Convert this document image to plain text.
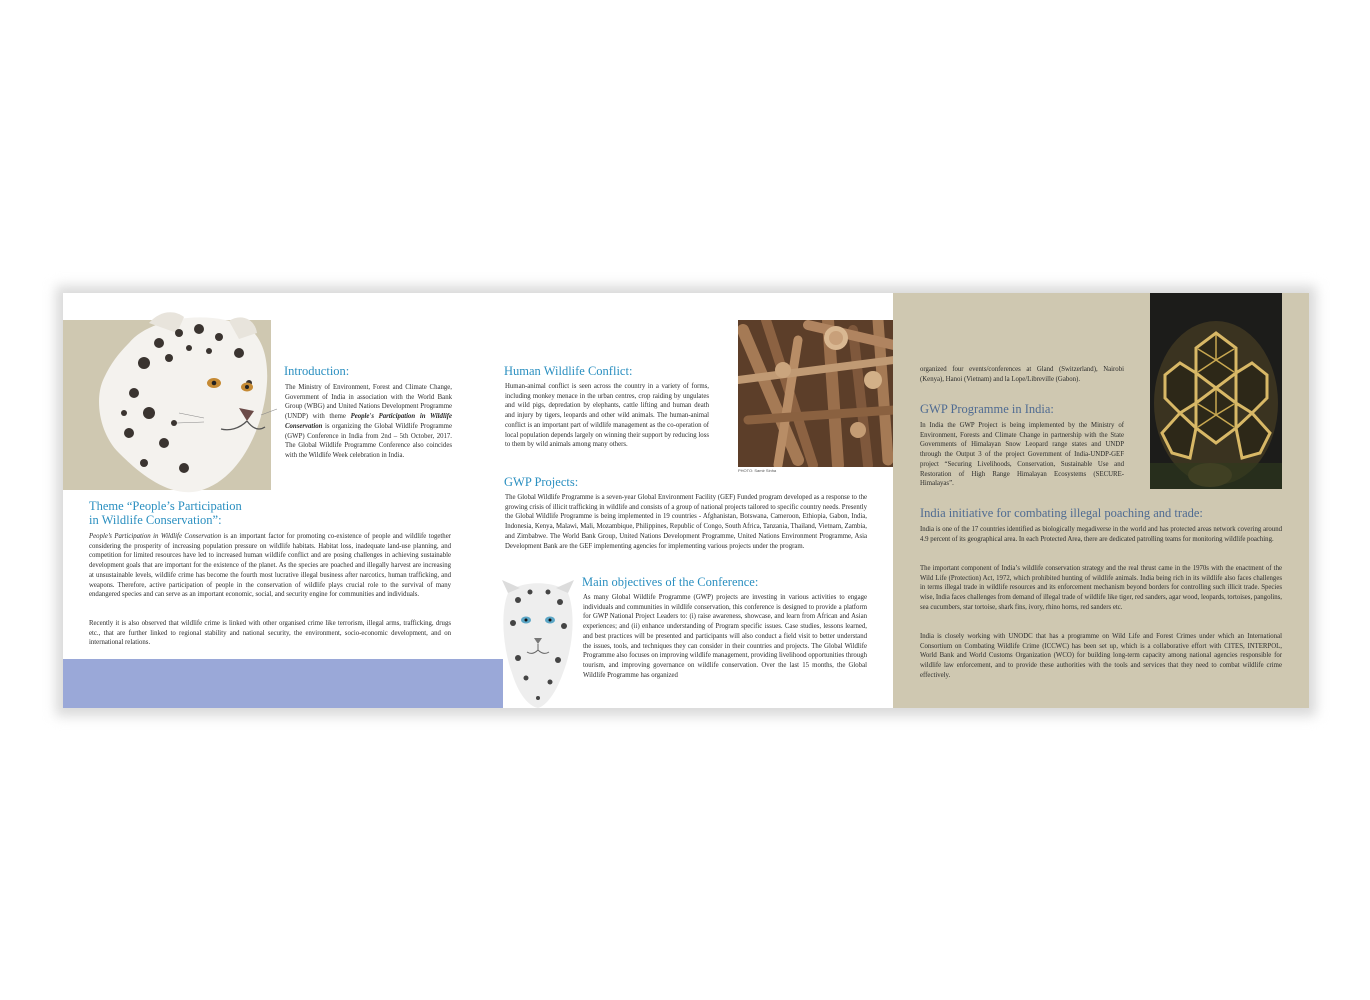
Introduction:

The Ministry of Environment, Forest and Climate Change, Government of India in association with the World Bank Group (WBG) and United Nations Development Programme (UNDP) with theme People's Participation in Wildlife Conservation is organizing the Global Wildlife Programme (GWP) Conference in India from 2nd – 5th October, 2017. The Global Wildlife Programme Conference also coincides with the Wildlife Week celebration in India.

Theme “People’s Participation
in Wildlife Conservation”:

People’s Participation in Wildlife Conservation is an important factor for promoting co-existence of people and wildlife together considering the prosperity of increasing population pressure on wildlife habitats. Habitat loss, inadequate land-use planning, and competition for limited resources have led to increased human wildlife conflict and are posing challenges in achieving sustainable development goals that are important for the existence of the planet. As the species are poached and illegally harvest are increasing at unsustainable levels, wildlife crime has become the fourth most lucrative illegal business after narcotics, human trafficking, and weapons. Therefore, active participation of people in the conservation of wildlife plays crucial role to the survival of many endangered species and can serve as an important economic, social, and security engine for communities and individuals.

Recently it is also observed that wildlife crime is linked with other organised crime like terrorism, illegal arms, trafficking, drugs etc., that are further linked to regional stability and national security, the environment, socio-economic development, and on international relations.

Human Wildlife Conflict:

Human-animal conflict is seen across the country in a variety of forms, including monkey menace in the urban centres, crop raiding by ungulates and wild pigs, depredation by elephants, cattle lifting and human death and injury by tigers, leopards and other wild animals. The human-animal conflict is an important part of wildlife management as the co-operation of local population depends largely on winning their support by reducing loss to them by wild animals among many others.

PHOTO: Samir Sinha
GWP Projects:

The Global Wildlife Programme is a seven-year Global Environment Facility (GEF) Funded program developed as a response to the growing crisis of illicit trafficking in wildlife and consists of a group of national projects tailored to specific country needs. Presently the Global Wildlife Programme is being implemented in 19 countries - Afghanistan, Botswana, Cameroon, Ethiopia, Gabon, India, Indonesia, Kenya, Malawi, Mali, Mozambique, Philippines, Republic of Congo, South Africa, Tanzania, Thailand, Vietnam, Zambia, and Zimbabwe. The World Bank Group, United Nations Development Programme, United Nations Environment Programme, Asia Development Bank are the GEF implementing agencies for implementing various projects under the program.

Main objectives of the Conference:

As many Global Wildlife Programme (GWP) projects are investing in various activities to engage individuals and communities in wildlife conservation, this conference is designed to provide a platform for GWP National Project Leaders to: (i) raise awareness, showcase, and learn from African and Asian experiences; and (ii) enhance understanding of Program specific issues. Case studies, lessons learned, and best practices will be presented and participants will also conduct a field visit to better understand the issues, tools, and techniques they can consider in their countries and projects. The Global Wildlife Programme also focuses on improving wildlife management, providing livelihood opportunities through tourism, and improving governance on wildlife conservation. Over the last 15 months, the Global Wildlife Programme has organized

organized four events/conferences at Gland (Switzerland), Nairobi (Kenya), Hanoi (Vietnam) and la Lope/Libreville (Gabon).

GWP Programme in India:

In India the GWP Project is being implemented by the Ministry of Environment, Forests and Climate Change in partnership with the State Governments of Himalayan Snow Leopard range states and UNDP through the Output 3 of the project Government of India-UNDP-GEF project “Securing Livelihoods, Conservation, Sustainable Use and Restoration of High Range Himalayan Ecosystems (SECURE-Himalayas”.

India initiative for combating illegal poaching and trade:

India is one of the 17 countries identified as biologically megadiverse in the world and has protected areas network covering around 4.9 percent of its geographical area. In each Protected Area, there are dedicated patrolling teams for monitoring wildlife poaching.

The important component of India’s wildlife conservation strategy and the real thrust came in the 1970s with the enactment of the Wild Life (Protection) Act, 1972, which prohibited hunting of wildlife animals. India being rich in its wildlife also faces challenges in terms illegal trade in wildlife resources and its enforcement mechanism beyond borders for controlling such illicit trade. Species wise, India faces challenges from demand of illegal trade of wildlife like tiger, red sanders, agar wood, leopards, tortoises, pangolins, sea cucumbers, star tortoise, shark fins, ivory, rhino horns, red sanders etc.

India is closely working with UNODC that has a programme on Wild Life and Forest Crimes under which an International Consortium on Combating Wildlife Crime (ICCWC) has been set up, which is a collaborative effort with CITES, INTERPOL, World Bank and World Customs Organization (WCO) for building long-term capacity among national agencies responsible for wildlife law enforcement, and to provide these authorities with the tools and services that they need to combat wildlife crime effectively.
